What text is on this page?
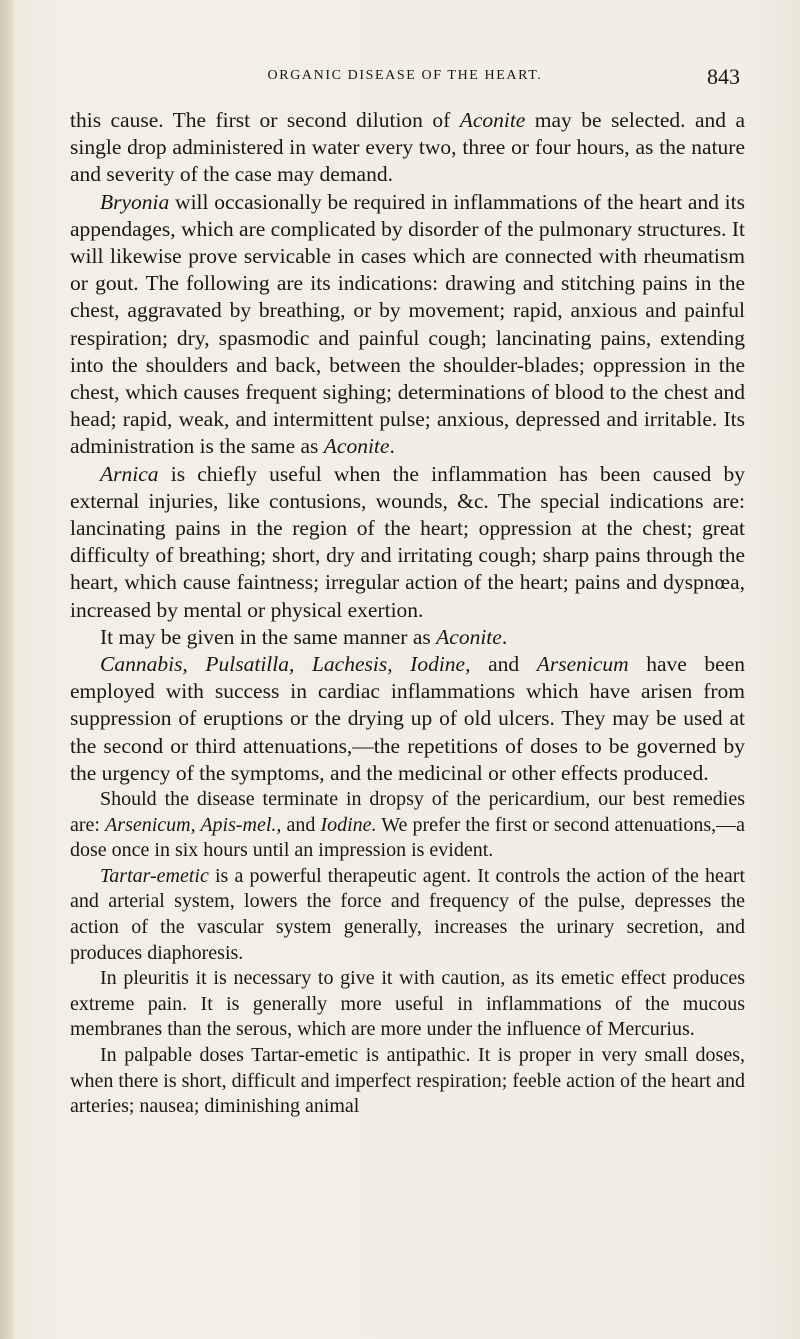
ORGANIC DISEASE OF THE HEART.	843

this cause. The first or second dilution of Aconite may be selected. and a single drop administered in water every two, three or four hours, as the nature and severity of the case may demand.

Bryonia will occasionally be required in inflammations of the heart and its appendages, which are complicated by disorder of the pulmonary structures. It will likewise prove servicable in cases which are connected with rheumatism or gout. The following are its indications: drawing and stitching pains in the chest, aggravated by breathing, or by movement; rapid, anxious and painful respiration; dry, spasmodic and painful cough; lancinating pains, extending into the shoulders and back, between the shoulder-blades; oppression in the chest, which causes frequent sighing; determinations of blood to the chest and head; rapid, weak, and intermittent pulse; anxious, depressed and irritable. Its administration is the same as Aconite.

Arnica is chiefly useful when the inflammation has been caused by external injuries, like contusions, wounds, &c. The special indications are: lancinating pains in the region of the heart; oppression at the chest; great difficulty of breathing; short, dry and irritating cough; sharp pains through the heart, which cause faintness; irregular action of the heart; pains and dyspnœa, increased by mental or physical exertion.

It may be given in the same manner as Aconite.

Cannabis, Pulsatilla, Lachesis, Iodine, and Arsenicum have been employed with success in cardiac inflammations which have arisen from suppression of eruptions or the drying up of old ulcers. They may be used at the second or third attenuations,—the repetitions of doses to be governed by the urgency of the symptoms, and the medicinal or other effects produced.

Should the disease terminate in dropsy of the pericardium, our best remedies are: Arsenicum, Apis-mel., and Iodine. We prefer the first or second attenuations,—a dose once in six hours until an impression is evident.

Tartar-emetic is a powerful therapeutic agent. It controls the action of the heart and arterial system, lowers the force and frequency of the pulse, depresses the action of the vascular system generally, increases the urinary secretion, and produces diaphoresis.

In pleuritis it is necessary to give it with caution, as its emetic effect produces extreme pain. It is generally more useful in inflammations of the mucous membranes than the serous, which are more under the influence of Mercurius.

In palpable doses Tartar-emetic is antipathic. It is proper in very small doses, when there is short, difficult and imperfect respiration; feeble action of the heart and arteries; nausea; diminishing animal
